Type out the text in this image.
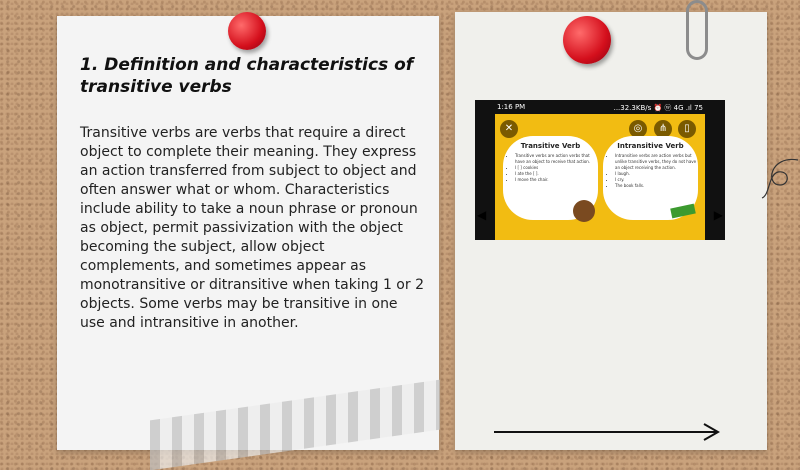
1. Definition and characteristics of transitive verbs
Transitive verbs are verbs that require a direct object to complete their meaning. They express an action transferred from subject to object and often answer what or whom. Characteristics include ability to take a noun phrase or pronoun as object, permit passivization with the object becoming the subject, allow object complements, and sometimes appear as monotransitive or ditransitive when taking 1 or 2 objects. Some verbs may be transitive in one use and intransitive in another.
1:16 PM	...32.3KB/s ⏰ ⓦ 4G .ıl 75
✕	◎	⋔	▯
Transitive Verb
• Transitive verbs are action verbs that have an object to receive that action.
• I [ ] cookies
• I ate the [ ].
• I move the chair.
Intransitive Verb
• Intransitive verbs are action verbs but unlike transitive verbs, they do not have an object receiving the action.
• I laugh.
• I cry.
• The book falls.
◀	▶
